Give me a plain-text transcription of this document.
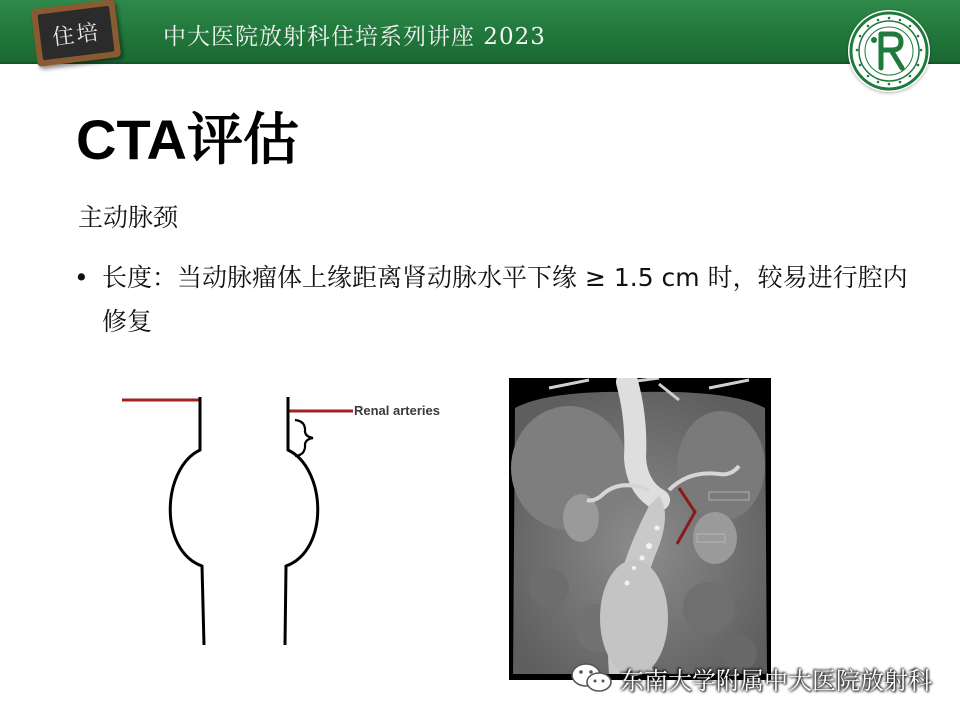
住培	中大医院放射科住培系列讲座 2023
CTA评估
主动脉颈
• 长度：当动脉瘤体上缘距离肾动脉水平下缘 ≥ 1.5 cm 时，较易进行腔内修复
Renal arteries
东南大学附属中大医院放射科
